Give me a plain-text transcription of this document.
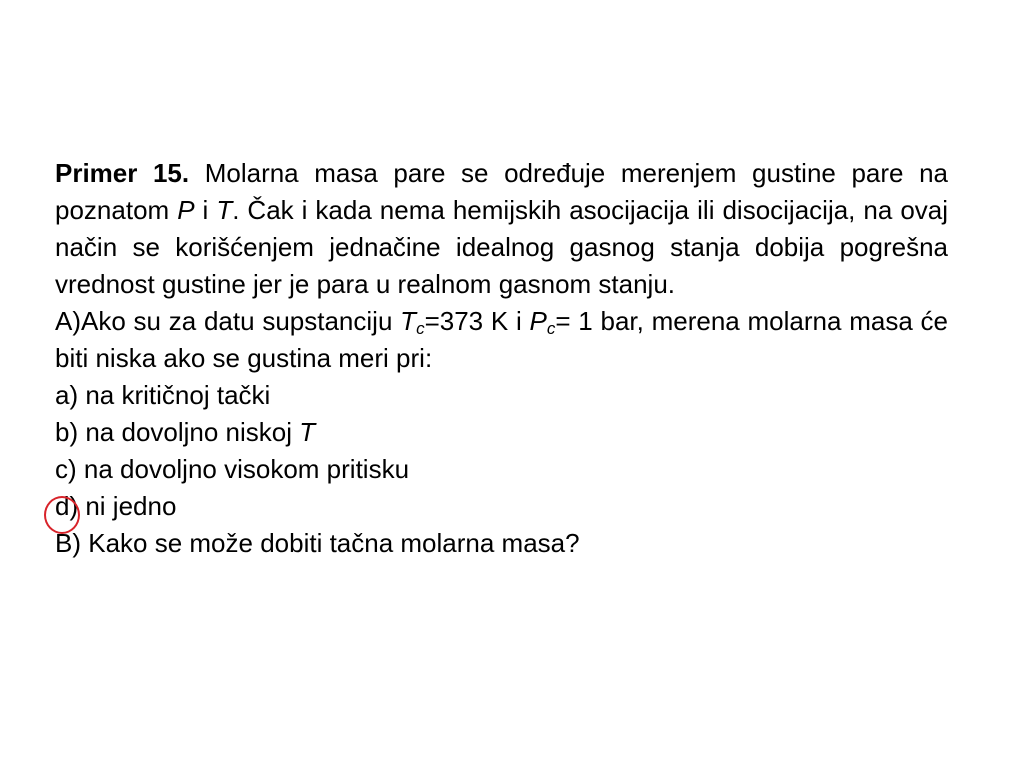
Primer 15. Molarna masa pare se određuje merenjem gustine pare na poznatom P i T. Čak i kada nema hemijskih asocijacija ili disocijacija, na ovaj način se korišćenjem jednačine idealnog gasnog stanja dobija pogrešna vrednost gustine jer je para u realnom gasnom stanju.

A)Ako su za datu supstanciju $T_c=373$ K i $P_c= 1$ bar, merena molarna masa će biti niska ako se gustina meri pri:

a) na kritičnoj tački

b) na dovoljno niskoj T

c) na dovoljno visokom pritisku

d) ni jedno

B) Kako se može dobiti tačna molarna masa?
